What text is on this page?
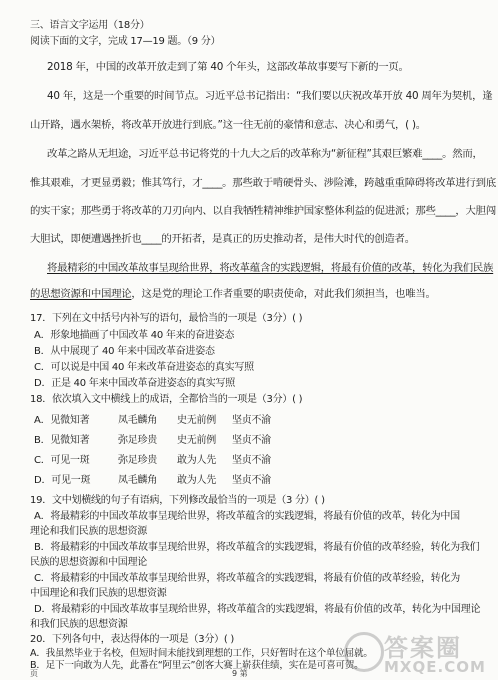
三、语言文字运用（18分）
阅读下面的文字，完成 17—19 题。（9 分）
2018 年，中国的改革开放走到了第 40 个年头，这部改革故事要写下新的一页。
40 年，这是一个重要的时间节点。习近平总书记指出：“我们要以庆祝改革开放 40 周年为契机，逢
山开路，遇水架桥，将改革开放进行到底。”这一往无前的豪情和意志、决心和勇气，( )。
改革之路从无坦途，习近平总书记将党的十九大之后的改革称为“新征程”其艰巨繁难____。然而，
惟其艰难，才更显勇毅；惟其笃行，才____。那些敢于啃硬骨头、涉险滩，跨越重重障碍将改革进行到底
的实干家；那些勇于将改革的刀刃向内、以自我牺牲精神维护国家整体利益的促进派；那些____，大胆闯
大胆试，即便遭遇挫折也____的开拓者，是真正的历史推动者，是伟大时代的创造者。
将最精彩的中国改革故事呈现给世界，将改革蕴含的实践逻辑，将最有价值的改革，转化为我们民族
的思想资源和中国理论，这是党的理论工作者重要的职责使命，对此我们须担当，也唯当。
17．下列在文中括号内补写的语句，最恰当的一项是（3分）( )
A．形象地描画了中国改革 40 年来的奋进姿态
B．从中展现了 40 年来中国改革奋进姿态
C．可以说是中国 40 年来改革奋进姿态的真实写照
D．正是 40 年来中国改革奋进姿态的真实写照
18．依次填入文中横线上的成语，全都恰当的一项是（3分）( )
A．见微知著	凤毛麟角 史无前例 坚贞不渝
B．见微知著	弥足珍贵 史无前例 坚贞不渝
C．可见一斑	弥足珍贵 敢为人先 坚贞不渝
D．可见一斑	凤毛麟角 敢为人先 坚贞不渝
19．文中划横线的句子有语病，下列修改最恰当的一项是（3 分）( )
A．将最精彩的中国改革故事呈现给世界，将改革蕴含的实践逻辑，将最有价值的改革，转化为中国
理论和我们民族的思想资源
B．将最精彩的中国改革故事呈现给世界，将改革蕴含的实践逻辑，将最有价值的改革经验，转化为我们
民族的思想资源和中国理论
C．将最精彩的中国改革故事呈现给世界，将改革蕴含的实践逻辑，将最有价值的改革经验，转化为
中国理论和我们民族的思想资源
D．将最精彩的中国改革故事呈现给世界，将改革蕴含的实践逻辑，将最有价值的改革，转化为中国理论
和我们民族的思想资源
20．下列各句中，表达得体的一项是（3分）( )
A．我虽然毕业于名校，但短时间未能找到理想的工作，只好暂时在这个单位屈就。
B．足下一向敢为人先，此番在“阿里云”创客大赛上崭获佳绩，实在是可喜可贺。
页	9 第
答案圈
MXQE.COM
